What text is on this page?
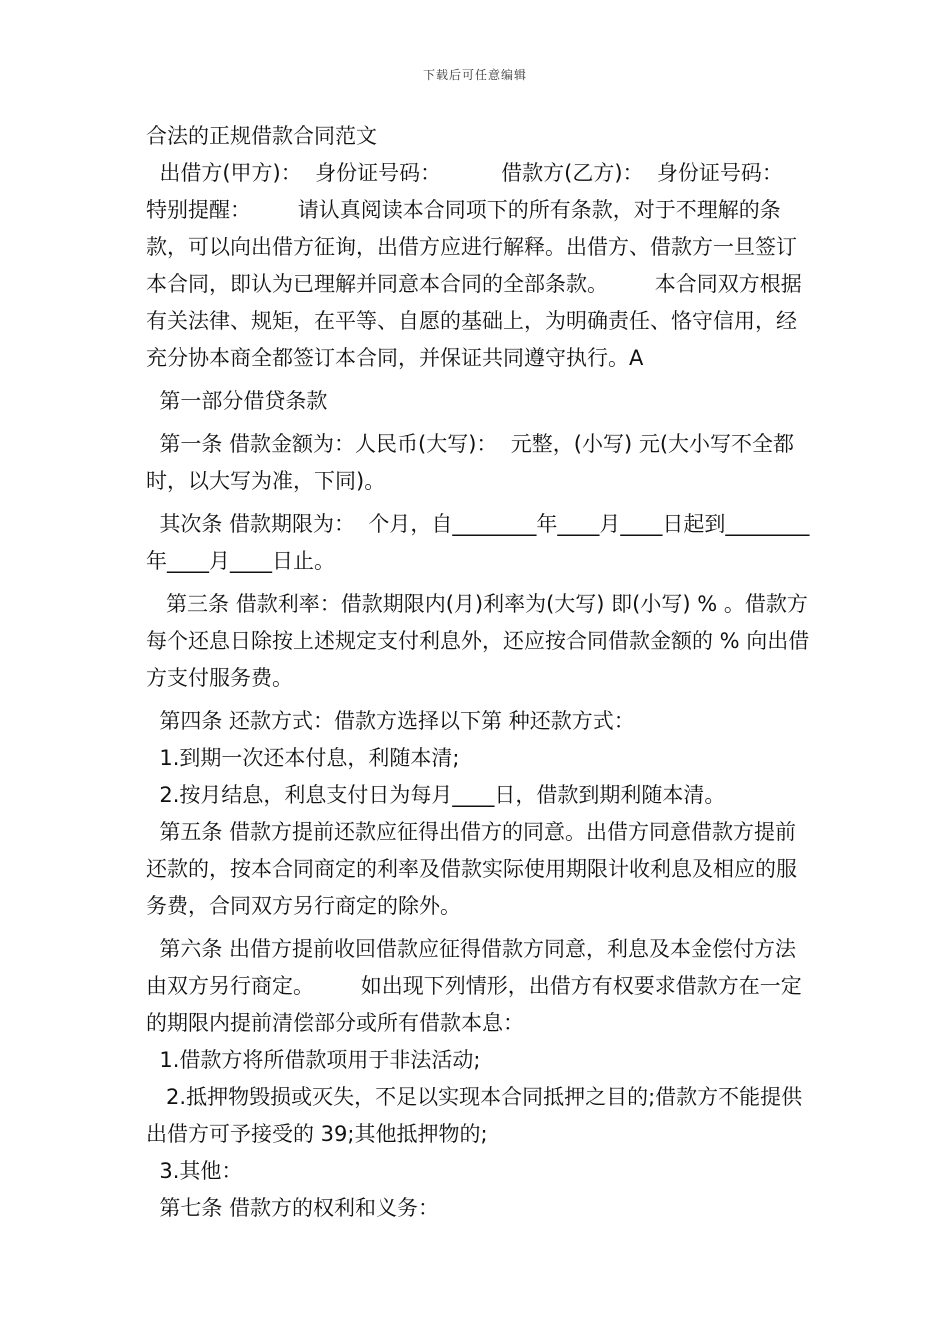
下载后可任意编辑

合法的正规借款合同范文

出借方(甲方)：  身份证号码：         借款方(乙方)：  身份证号码：

特别提醒：       请认真阅读本合同项下的所有条款，对于不理解的条款，可以向出借方征询，出借方应进行解释。出借方、借款方一旦签订本合同，即认为已理解并同意本合同的全部条款。       本合同双方根据有关法律、规矩，在平等、自愿的基础上，为明确责任、恪守信用，经充分协本商全都签订本合同，并保证共同遵守执行。A

第一部分借贷条款

第一条 借款金额为：人民币(大写)：  元整，(小写) 元(大小写不全都时，以大写为准，下同)。

其次条 借款期限为：  个月，自________年____月____日起到________年____月____日止。

第三条 借款利率：借款期限内(月)利率为(大写) 即(小写) % 。借款方每个还息日除按上述规定支付利息外，还应按合同借款金额的 % 向出借方支付服务费。

第四条 还款方式：借款方选择以下第 种还款方式：

1.到期一次还本付息，利随本清;

2.按月结息，利息支付日为每月____日，借款到期利随本清。

第五条 借款方提前还款应征得出借方的同意。出借方同意借款方提前还款的，按本合同商定的利率及借款实际使用期限计收利息及相应的服务费，合同双方另行商定的除外。

第六条 出借方提前收回借款应征得借款方同意，利息及本金偿付方法由双方另行商定。       如出现下列情形，出借方有权要求借款方在一定的期限内提前清偿部分或所有借款本息：

1.借款方将所借款项用于非法活动;

2.抵押物毁损或灭失，不足以实现本合同抵押之目的;借款方不能提供出借方可予接受的 39;其他抵押物的;

3.其他：

第七条 借款方的权利和义务：
